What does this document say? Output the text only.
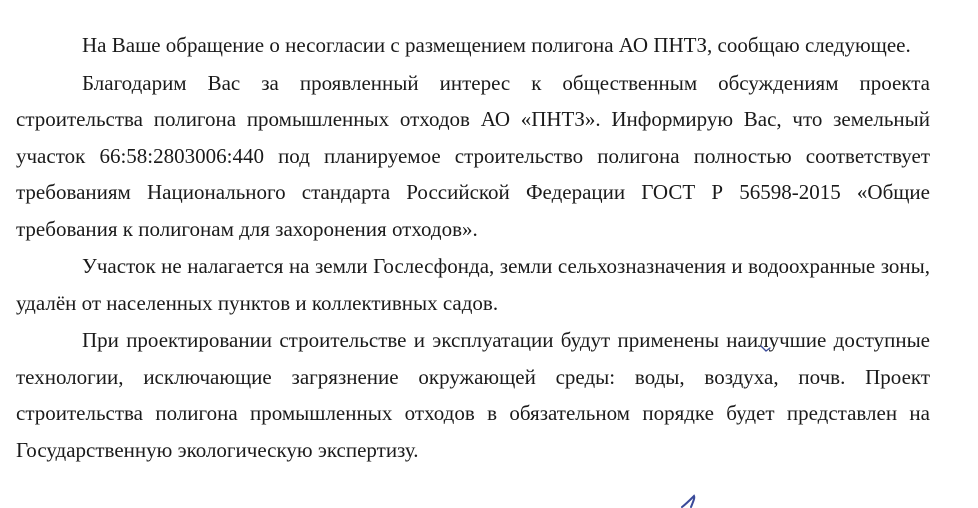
На Ваше обращение о несогласии с размещением полигона АО ПНТЗ, сообщаю следующее.

Благодарим Вас за проявленный интерес к общественным обсуждениям проекта строительства полигона промышленных отходов АО «ПНТЗ». Информирую Вас, что земельный участок 66:58:2803006:440 под планируемое строительство полигона полностью соответствует требованиям Национального стандарта Российской Федерации ГОСТ Р 56598-2015 «Общие требования к полигонам для захоронения отходов».

Участок не налагается на земли Гослесфонда, земли сельхозназначения и водоохранные зоны, удалён от населенных пунктов и коллективных садов.

При проектировании строительстве и эксплуатации будут применены наилучшие доступные технологии, исключающие загрязнение окружающей среды: воды, воздуха, почв. Проект строительства полигона промышленных отходов в обязательном порядке будет представлен на Государственную экологическую экспертизу.
